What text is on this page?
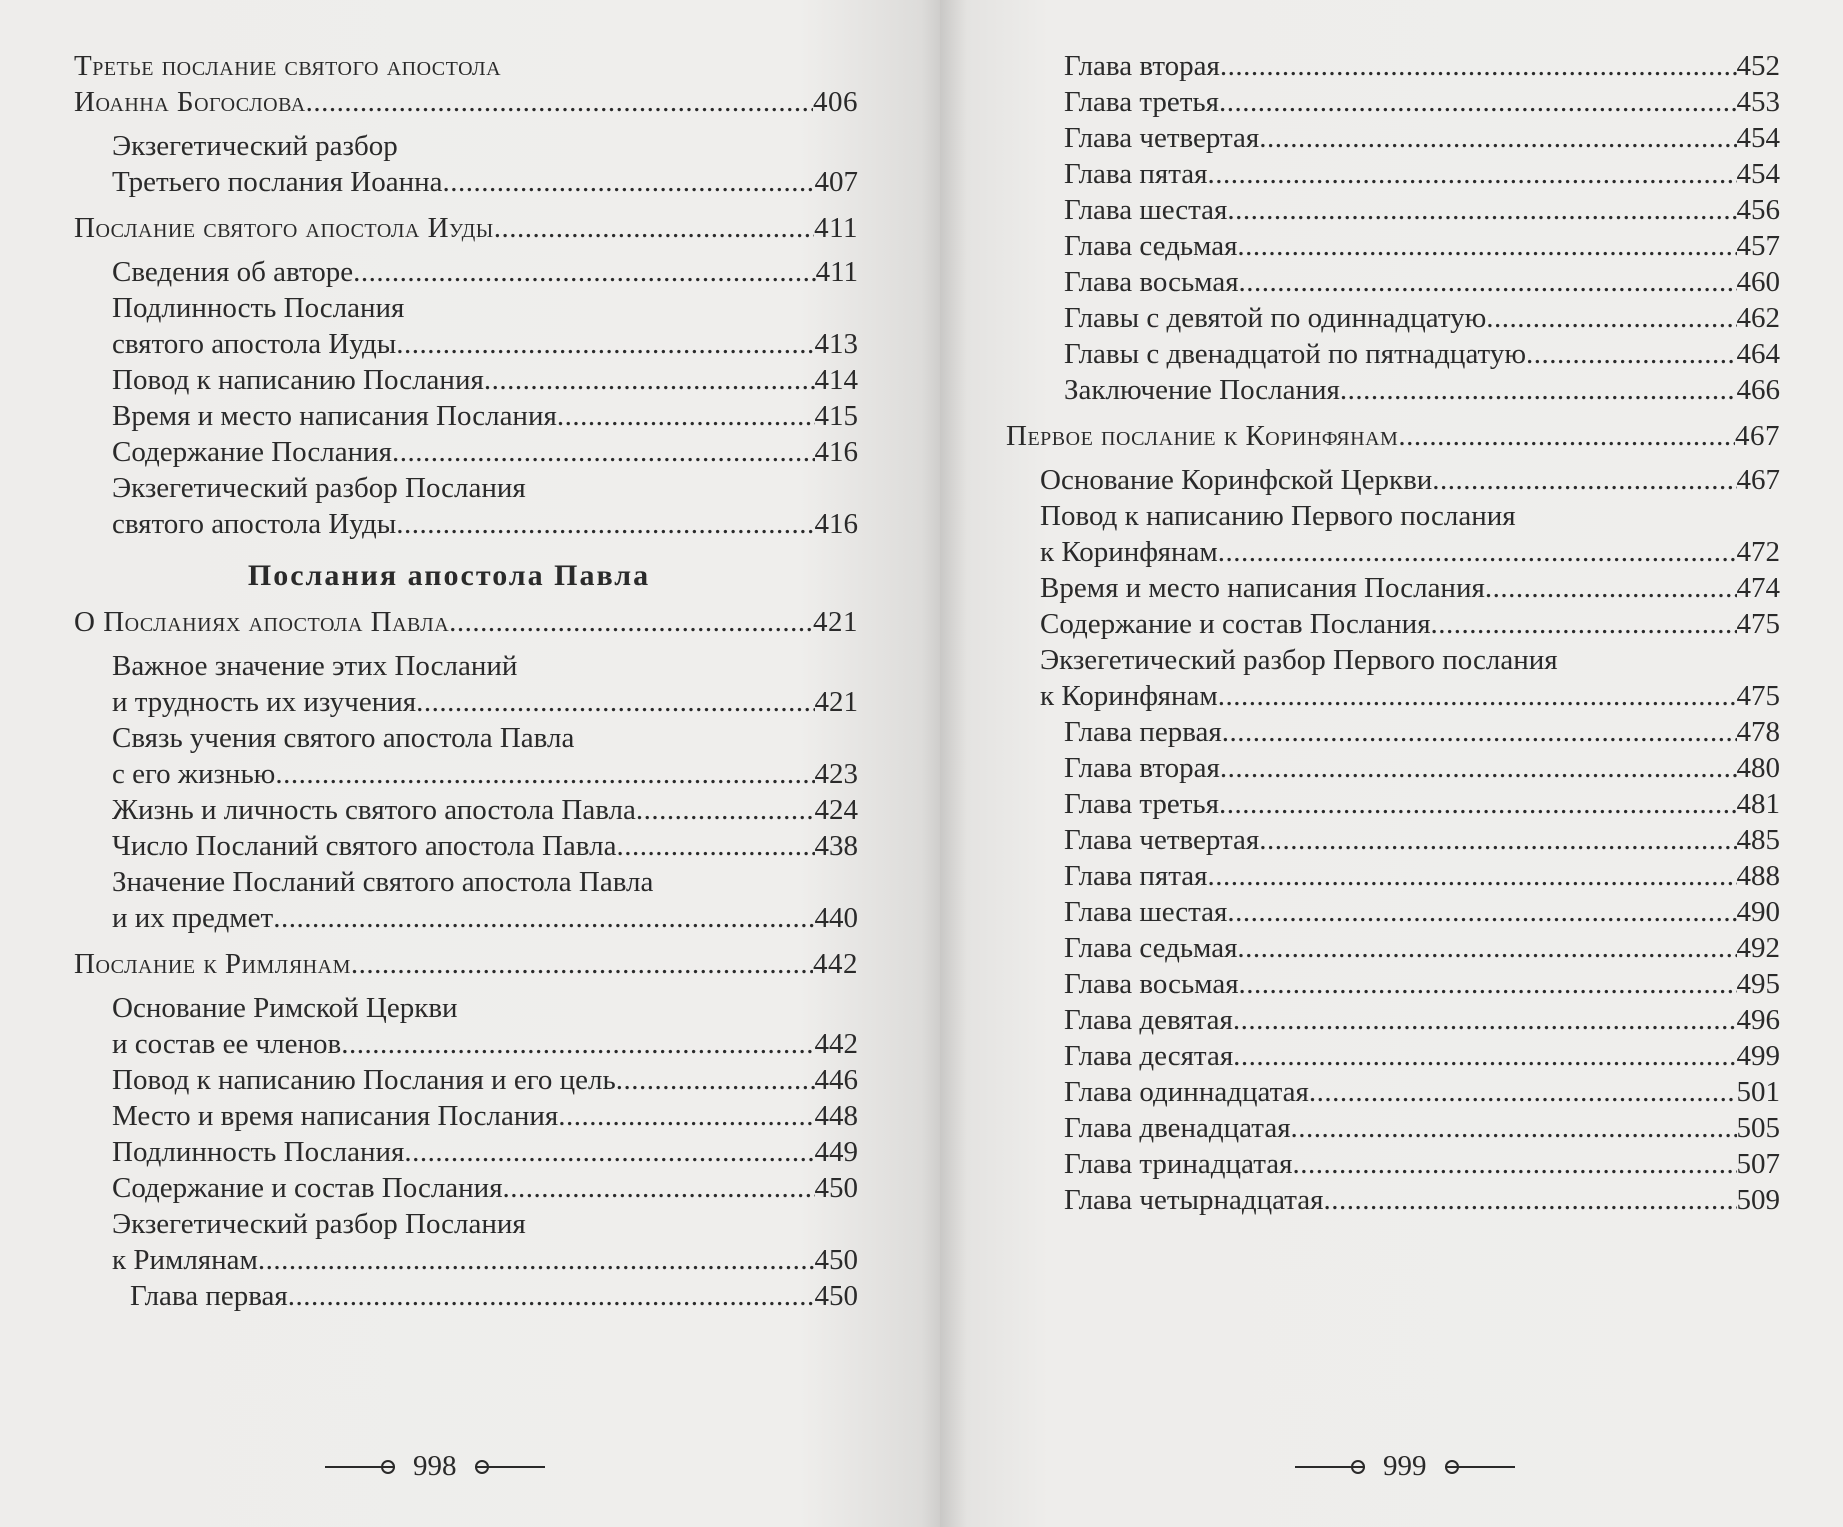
Третье послание святого апостола
Иоанна Богослова .....	406
Экзегетический разбор
Третьего послания Иоанна .....	407
Послание святого апостола Иуды .....	411
Сведения об авторе .....	411
Подлинность Послания
святого апостола Иуды .....	413
Повод к написанию Послания .....	414
Время и место написания Послания .....	415
Содержание Послания .....	416
Экзегетический разбор Послания
святого апостола Иуды .....	416
Послания апостола Павла
О Посланиях апостола Павла .....	421
Важное значение этих Посланий
и трудность их изучения .....	421
Связь учения святого апостола Павла
с его жизнью .....	423
Жизнь и личность святого апостола Павла .....	424
Число Посланий святого апостола Павла .....	438
Значение Посланий святого апостола Павла
и их предмет .....	440
Послание к Римлянам .....	442
Основание Римской Церкви
и состав ее членов .....	442
Повод к написанию Послания и его цель .....	446
Место и время написания Послания .....	448
Подлинность Послания .....	449
Содержание и состав Послания .....	450
Экзегетический разбор Послания
к Римлянам .....	450
Глава первая .....	450
998
Глава вторая .....	452
Глава третья .....	453
Глава четвертая .....	454
Глава пятая .....	454
Глава шестая .....	456
Глава седьмая .....	457
Глава восьмая .....	460
Главы с девятой по одиннадцатую .....	462
Главы с двенадцатой по пятнадцатую .....	464
Заключение Послания .....	466
Первое послание к Коринфянам .....	467
Основание Коринфской Церкви .....	467
Повод к написанию Первого послания
к Коринфянам .....	472
Время и место написания Послания .....	474
Содержание и состав Послания .....	475
Экзегетический разбор Первого послания
к Коринфянам .....	475
Глава первая .....	478
Глава вторая .....	480
Глава третья .....	481
Глава четвертая .....	485
Глава пятая .....	488
Глава шестая .....	490
Глава седьмая .....	492
Глава восьмая .....	495
Глава девятая .....	496
Глава десятая .....	499
Глава одиннадцатая .....	501
Глава двенадцатая .....	505
Глава тринадцатая .....	507
Глава четырнадцатая .....	509
999
